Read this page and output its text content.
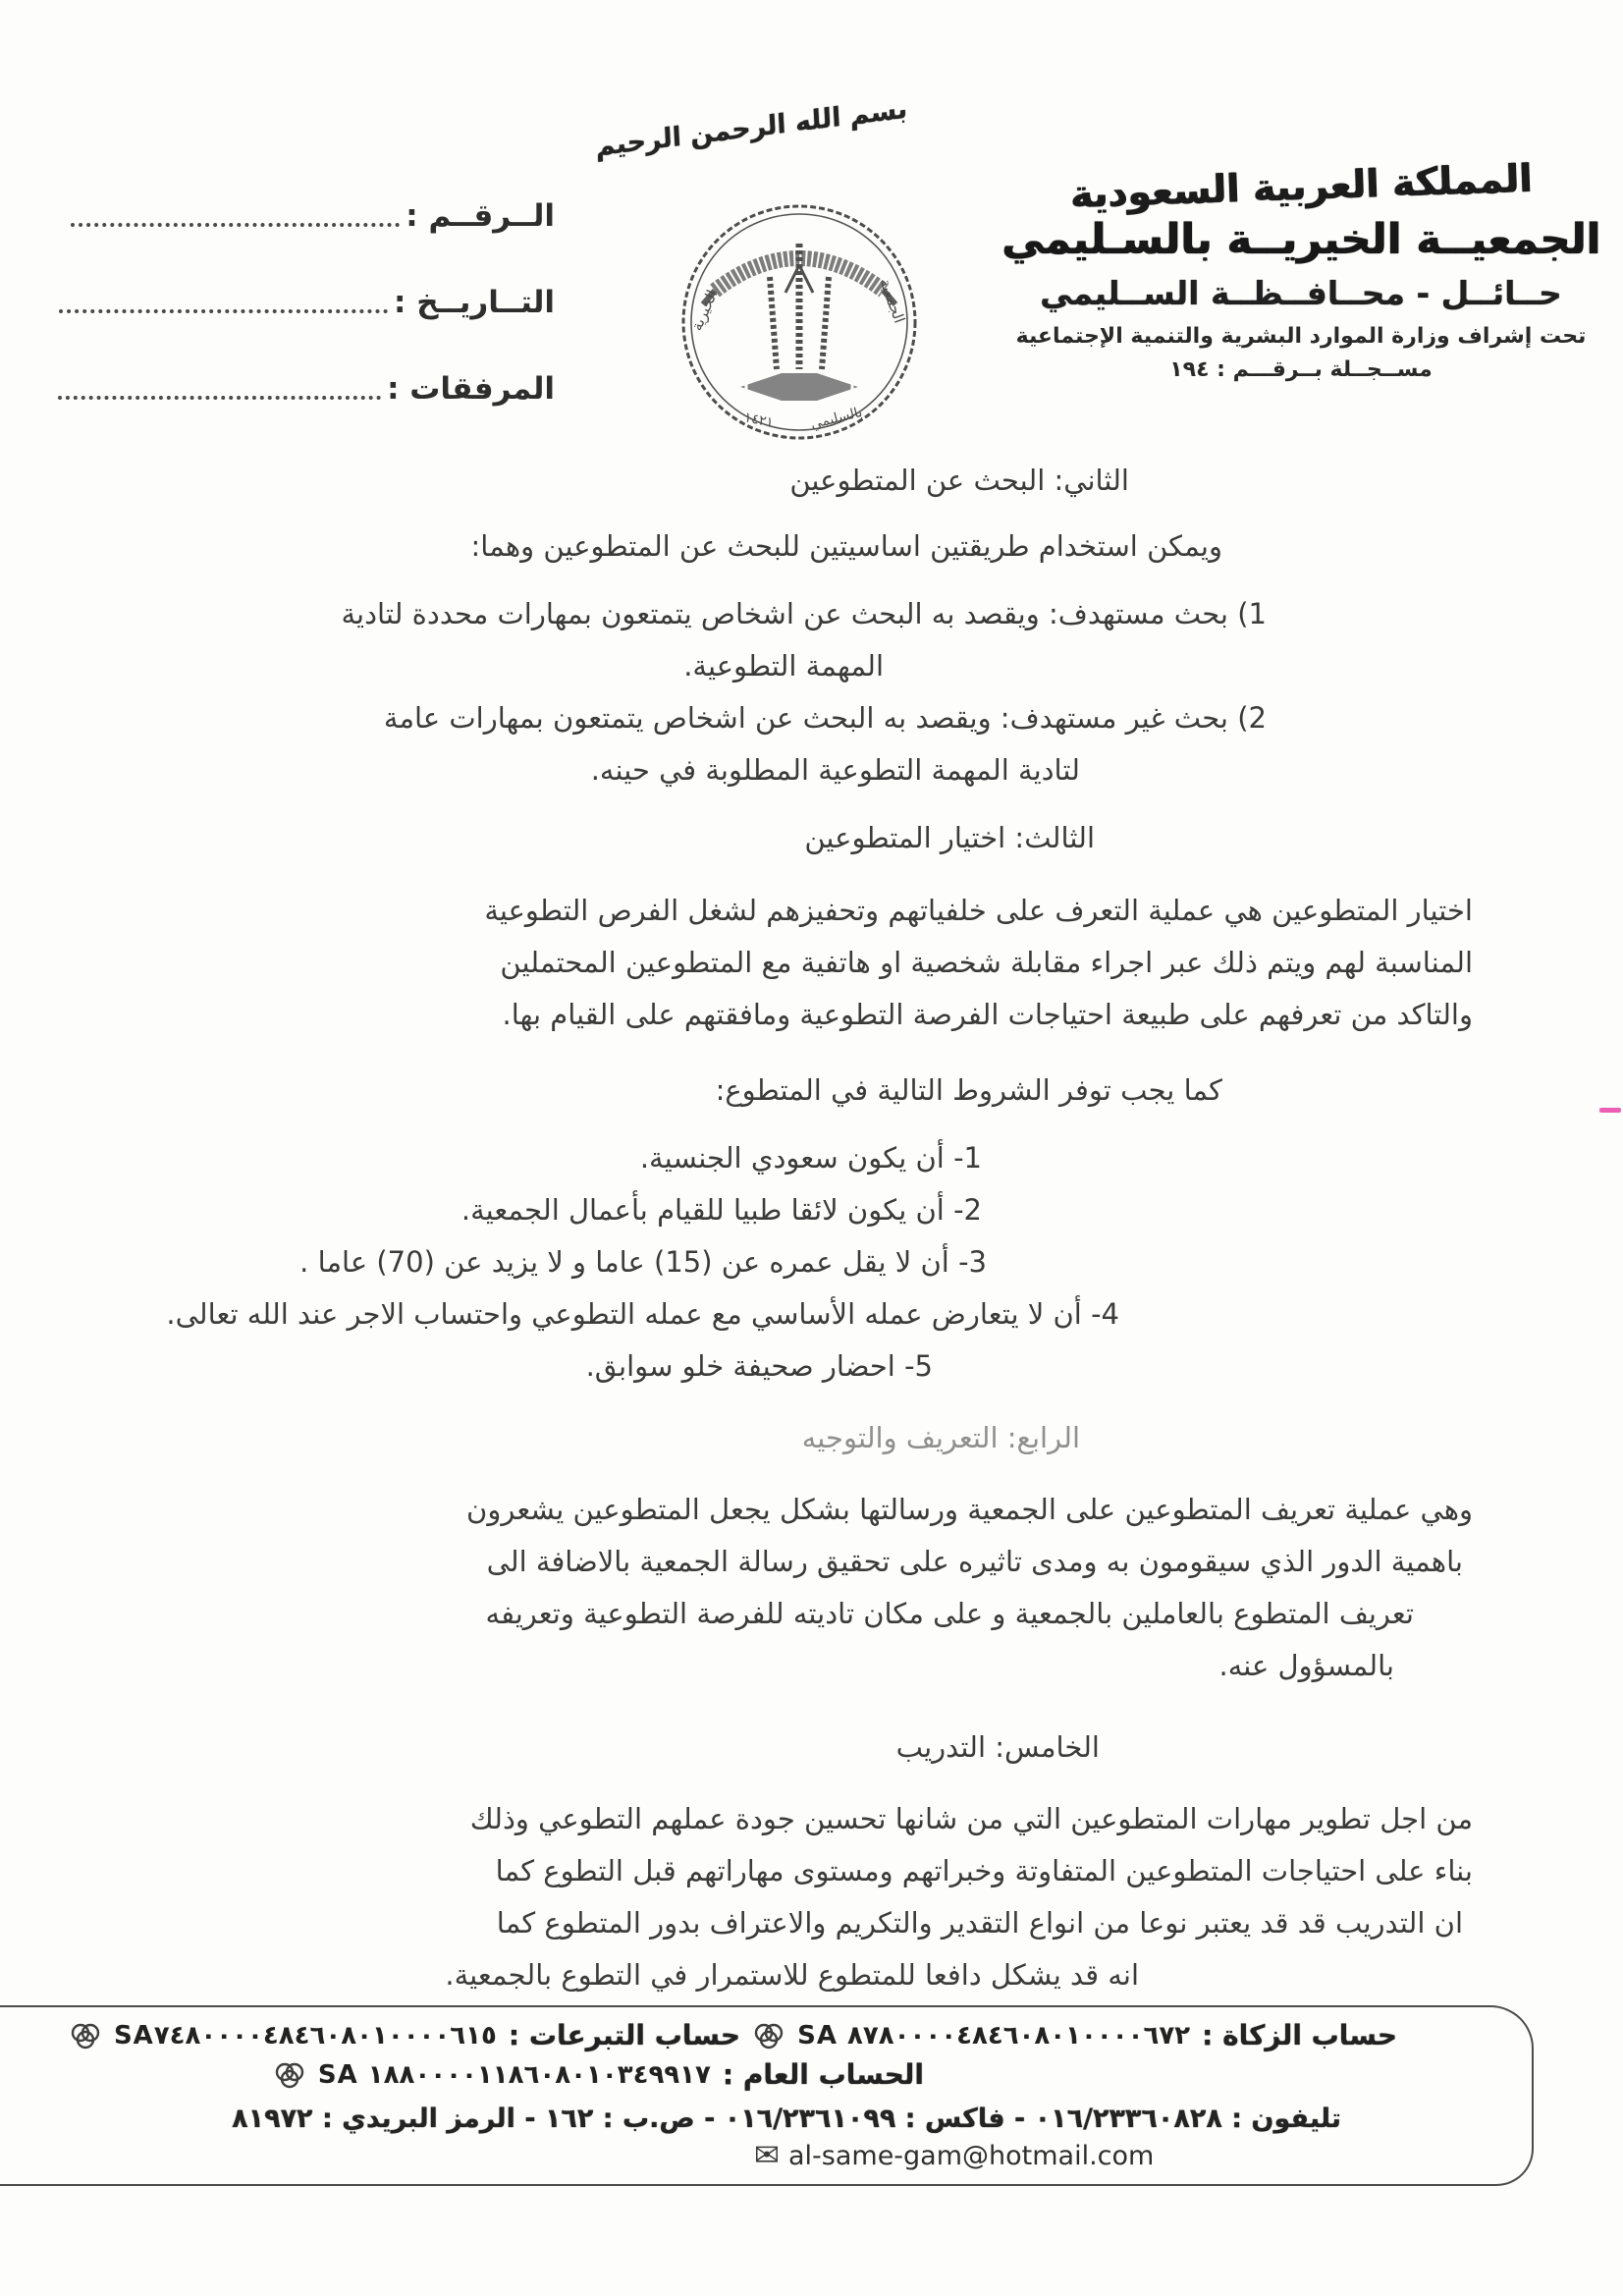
الــرقــم :
التــاريــخ :
المرفقات :
بسم الله الرحمن الرحيم
الجمعية
الخيرية
بالسليمي
١٤٢١
المملكة العربية السعودية
الجمعيــة الخيريــة بالسـليمي
حــائــل - محــافــظــة الســليمي
تحت إشراف وزارة الموارد البشرية والتنمية الإجتماعية
مســجــلة بــرقـــم : ١٩٤
الثاني: البحث عن المتطوعين
ويمكن استخدام طريقتين اساسيتين للبحث عن المتطوعين وهما:
1) بحث مستهدف: ويقصد به البحث عن اشخاص يتمتعون بمهارات محددة لتادية
المهمة التطوعية.
2) بحث غير مستهدف: ويقصد به البحث عن اشخاص يتمتعون بمهارات عامة
لتادية المهمة التطوعية المطلوبة في حينه.
الثالث: اختيار المتطوعين
اختيار المتطوعين هي عملية التعرف على خلفياتهم وتحفيزهم لشغل الفرص التطوعية
المناسبة لهم ويتم ذلك عبر اجراء مقابلة شخصية او هاتفية مع المتطوعين المحتملين
والتاكد من تعرفهم على طبيعة احتياجات الفرصة التطوعية ومافقتهم على القيام بها.
كما يجب توفر الشروط التالية في المتطوع:
1- أن يكون سعودي الجنسية.
2- أن يكون لائقا طبيا للقيام بأعمال الجمعية.
3- أن لا يقل عمره عن (15) عاما و لا يزيد عن (70) عاما .
4- أن لا يتعارض عمله الأساسي مع عمله التطوعي واحتساب الاجر عند الله تعالى.
5- احضار صحيفة خلو سوابق.
الرابع: التعريف والتوجيه
وهي عملية تعريف المتطوعين على الجمعية ورسالتها بشكل يجعل المتطوعين يشعرون
باهمية الدور الذي سيقومون به ومدى تاثيره على تحقيق رسالة الجمعية بالاضافة الى
تعريف المتطوع بالعاملين بالجمعية و على مكان تاديته للفرصة التطوعية وتعريفه
بالمسؤول عنه.
الخامس: التدريب
من اجل تطوير مهارات المتطوعين التي من شانها تحسين جودة عملهم التطوعي وذلك
بناء على احتياجات المتطوعين المتفاوتة وخبراتهم ومستوى مهاراتهم قبل التطوع كما
ان التدريب قد قد يعتبر نوعا من انواع التقدير والتكريم والاعتراف بدور المتطوع كما
انه قد يشكل دافعا للمتطوع للاستمرار في التطوع بالجمعية.
حساب الزكاة :
SA ٨٧٨٠٠٠٠٤٨٤٦٠٨٠١٠٠٠٠٦٧٢
حساب التبرعات :
SA٧٤٨٠٠٠٠٤٨٤٦٠٨٠١٠٠٠٠٦١٥
الحساب العام :
SA ١٨٨٠٠٠٠١١٨٦٠٨٠١٠٣٤٩٩١٧
تليفون : ٠١٦/٢٣٣٦٠٨٢٨ - فاكس : ٠١٦/٢٣٦١٠٩٩ - ص.ب : ١٦٢ - الرمز البريدي : ٨١٩٧٢
✉ al-same-gam@hotmail.com
